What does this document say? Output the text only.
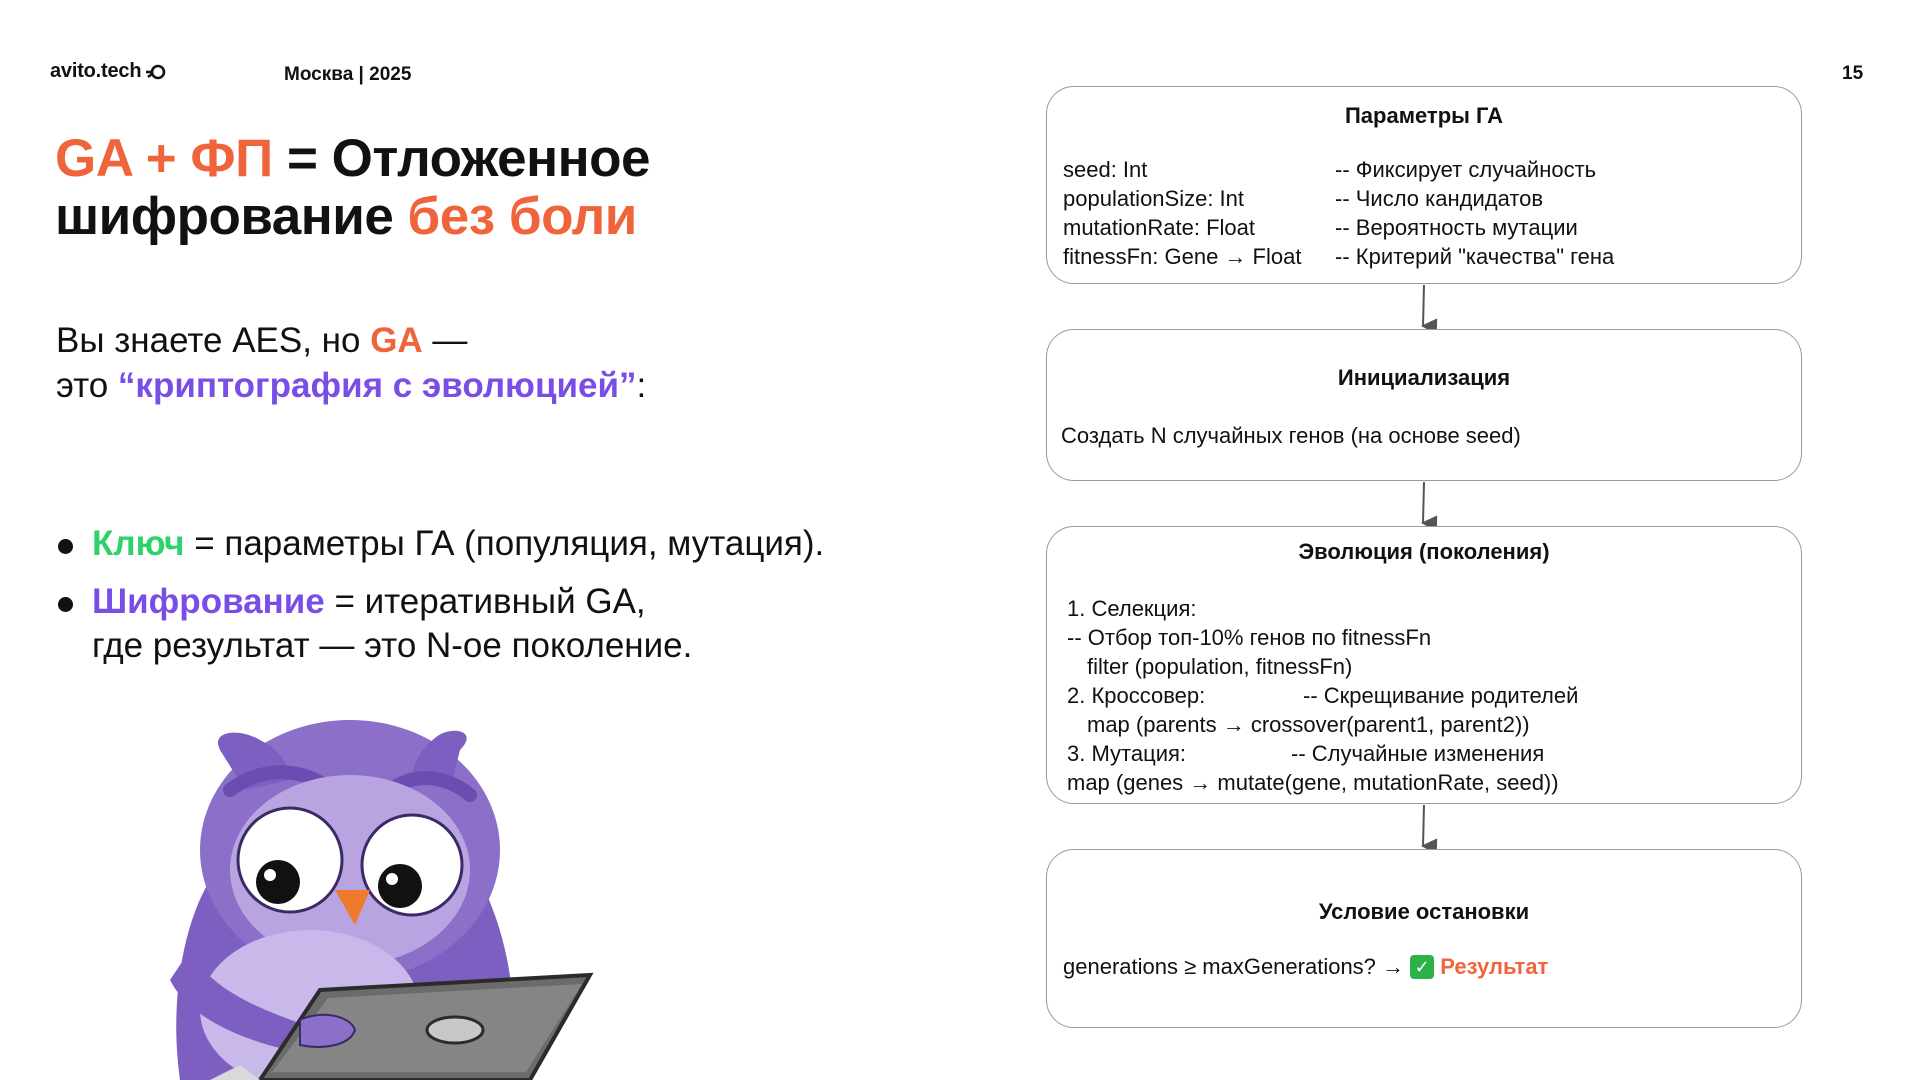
avito.tech	Москва | 2025	15
GA + ФП = Отложенное
шифрование без боли
Вы знаете AES, но GA —
это “криптография с эволюцией”:
Ключ = параметры ГА (популяция, мутация).
Шифрование = итеративный GA,
где результат — это N-ое поколение.
Параметры ГА
seed: Int	-- Фиксирует случайность
populationSize: Int	-- Число кандидатов
mutationRate: Float	-- Вероятность мутации
fitnessFn: Gene → Float -- Критерий "качества" гена
Инициализация
Создать N случайных генов (на основе seed)
Эволюция (поколения)
1. Селекция:
-- Отбор топ-10% генов по fitnessFn
filter (population, fitnessFn)
2. Кроссовер:	-- Скрещивание родителей
map (parents → crossover(parent1, parent2))
3. Мутация:	-- Случайные изменения
map (genes → mutate(gene, mutationRate, seed))
Условие остановки
generations ≥ maxGenerations? → ✓ Результат
